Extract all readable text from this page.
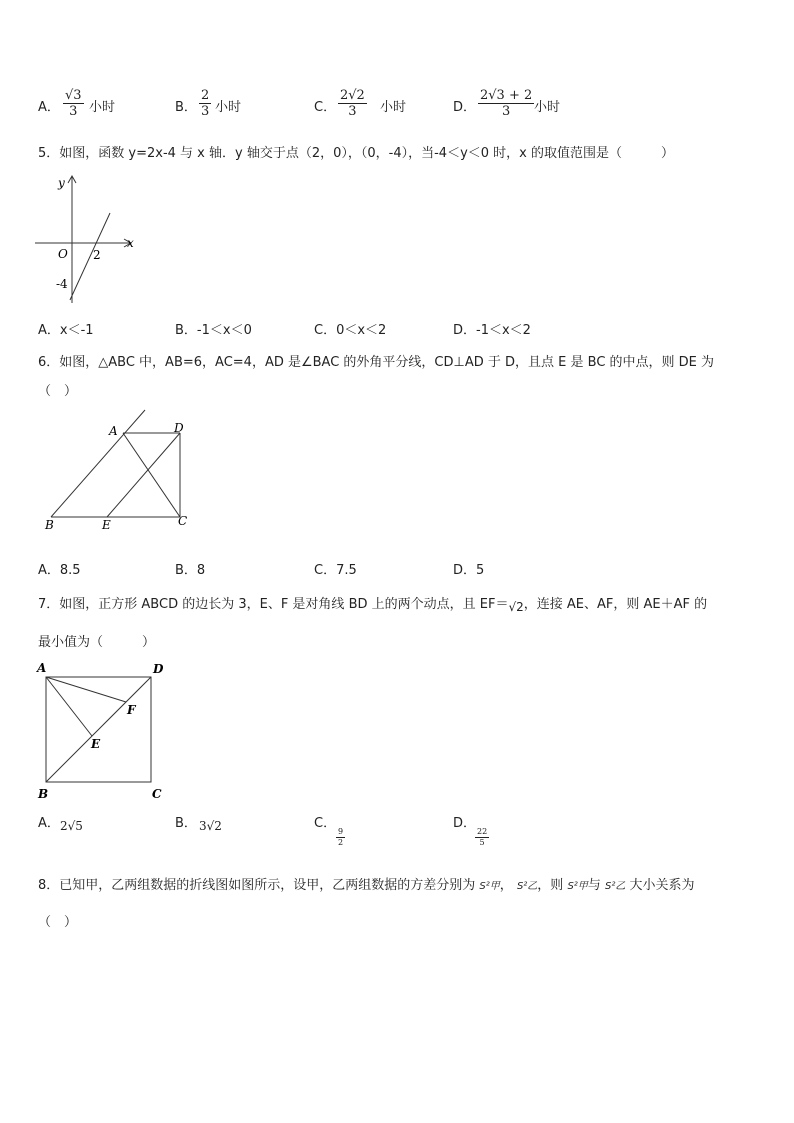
A． $\frac{√3}{3}$ 小时	B． $\frac{2}{3}$ 小时	C． $\frac{2√2}{3}$ 小时	D． $\frac{2√3 + 2}{3}$ 小时
5．如图，函数 y=2x-4 与 x 轴．y 轴交于点（2，0），（0，-4），当-4＜y＜0 时，x 的取值范围是（　　　）
y
x
O 2
-4
A．x＜-1	B．-1＜x＜0	C．0＜x＜2	D．-1＜x＜2
6．如图，△ABC 中，AB=6，AC=4，AD 是∠BAC 的外角平分线，CD⊥AD 于 D，且点 E 是 BC 的中点，则 DE 为
（　）
A	D
B	E	C
A．8.5	B．8	C．7.5	D．5
7．如图，正方形 ABCD 的边长为 3，E、F 是对角线 BD 上的两个动点，且 EF＝√2，连接 AE、AF，则 AE＋AF 的
最小值为（　　　）
A	D
F
E
B	C
A． 2√5	B． 3√2	C．
$\frac{9}{2}$
D．
$\frac{22}{5}$
8．已知甲，乙两组数据的折线图如图所示，设甲，乙两组数据的方差分别为 S²甲， S²乙，则 S²甲与 S²乙 大小关系为
（　）
